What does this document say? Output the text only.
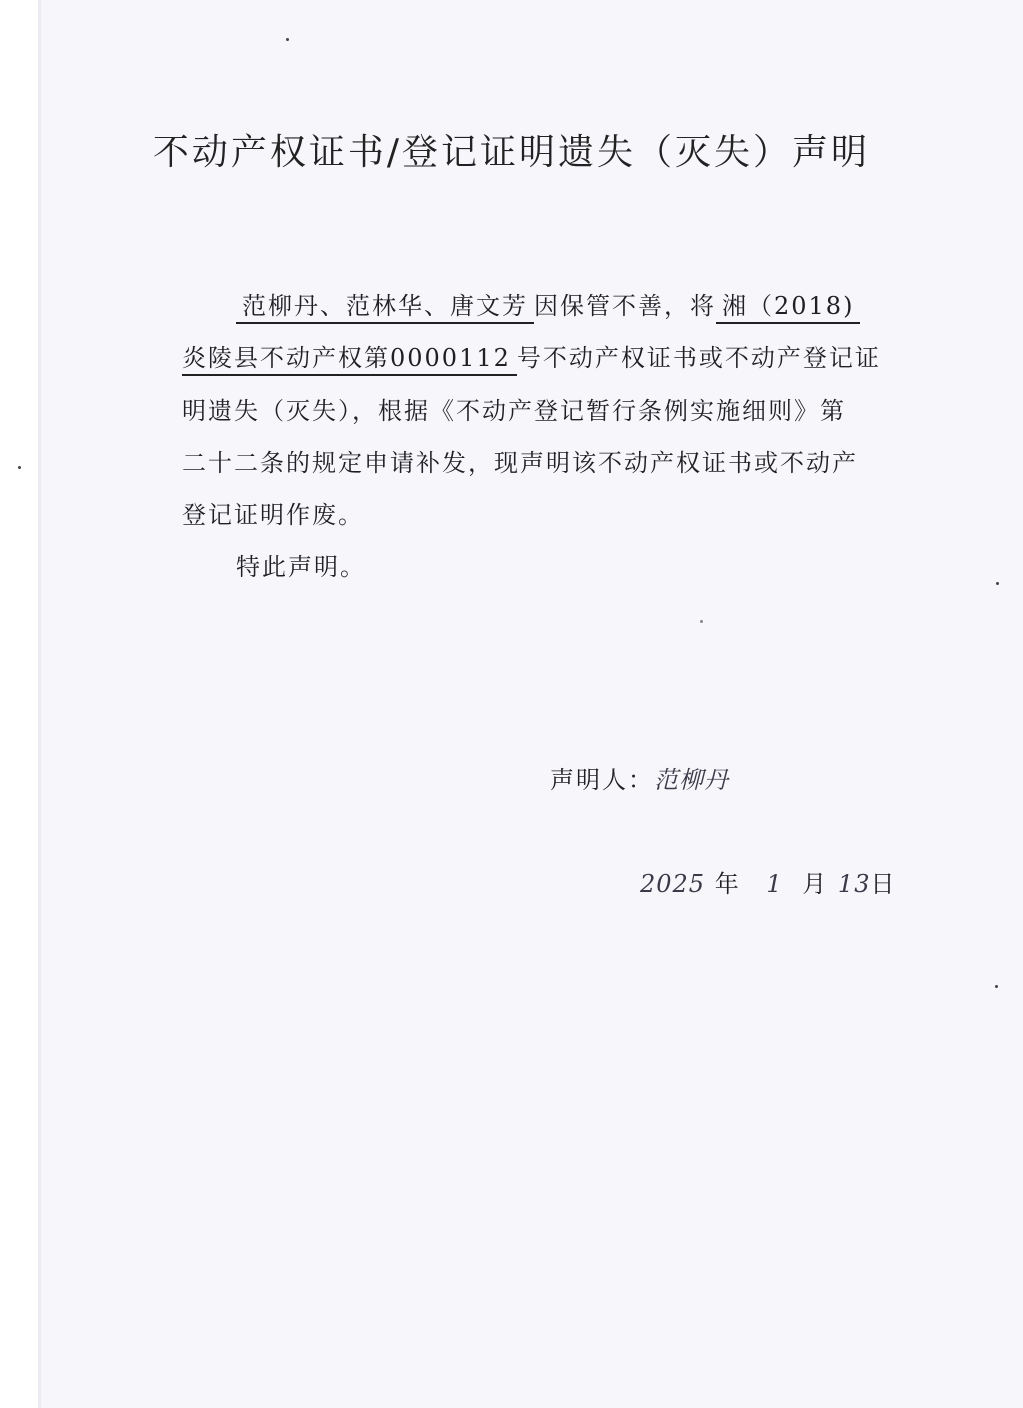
不动产权证书/登记证明遗失（灭失）声明
范柳丹、范林华、唐文芳 因保管不善，将 湘（2018)
炎陵县不动产权第0000112 号不动产权证书或不动产登记证
明遗失（灭失），根据《不动产登记暂行条例实施细则》第
二十二条的规定申请补发，现声明该不动产权证书或不动产
登记证明作废。
特此声明。
声明人：范柳丹
2025 年 1 月 13日
